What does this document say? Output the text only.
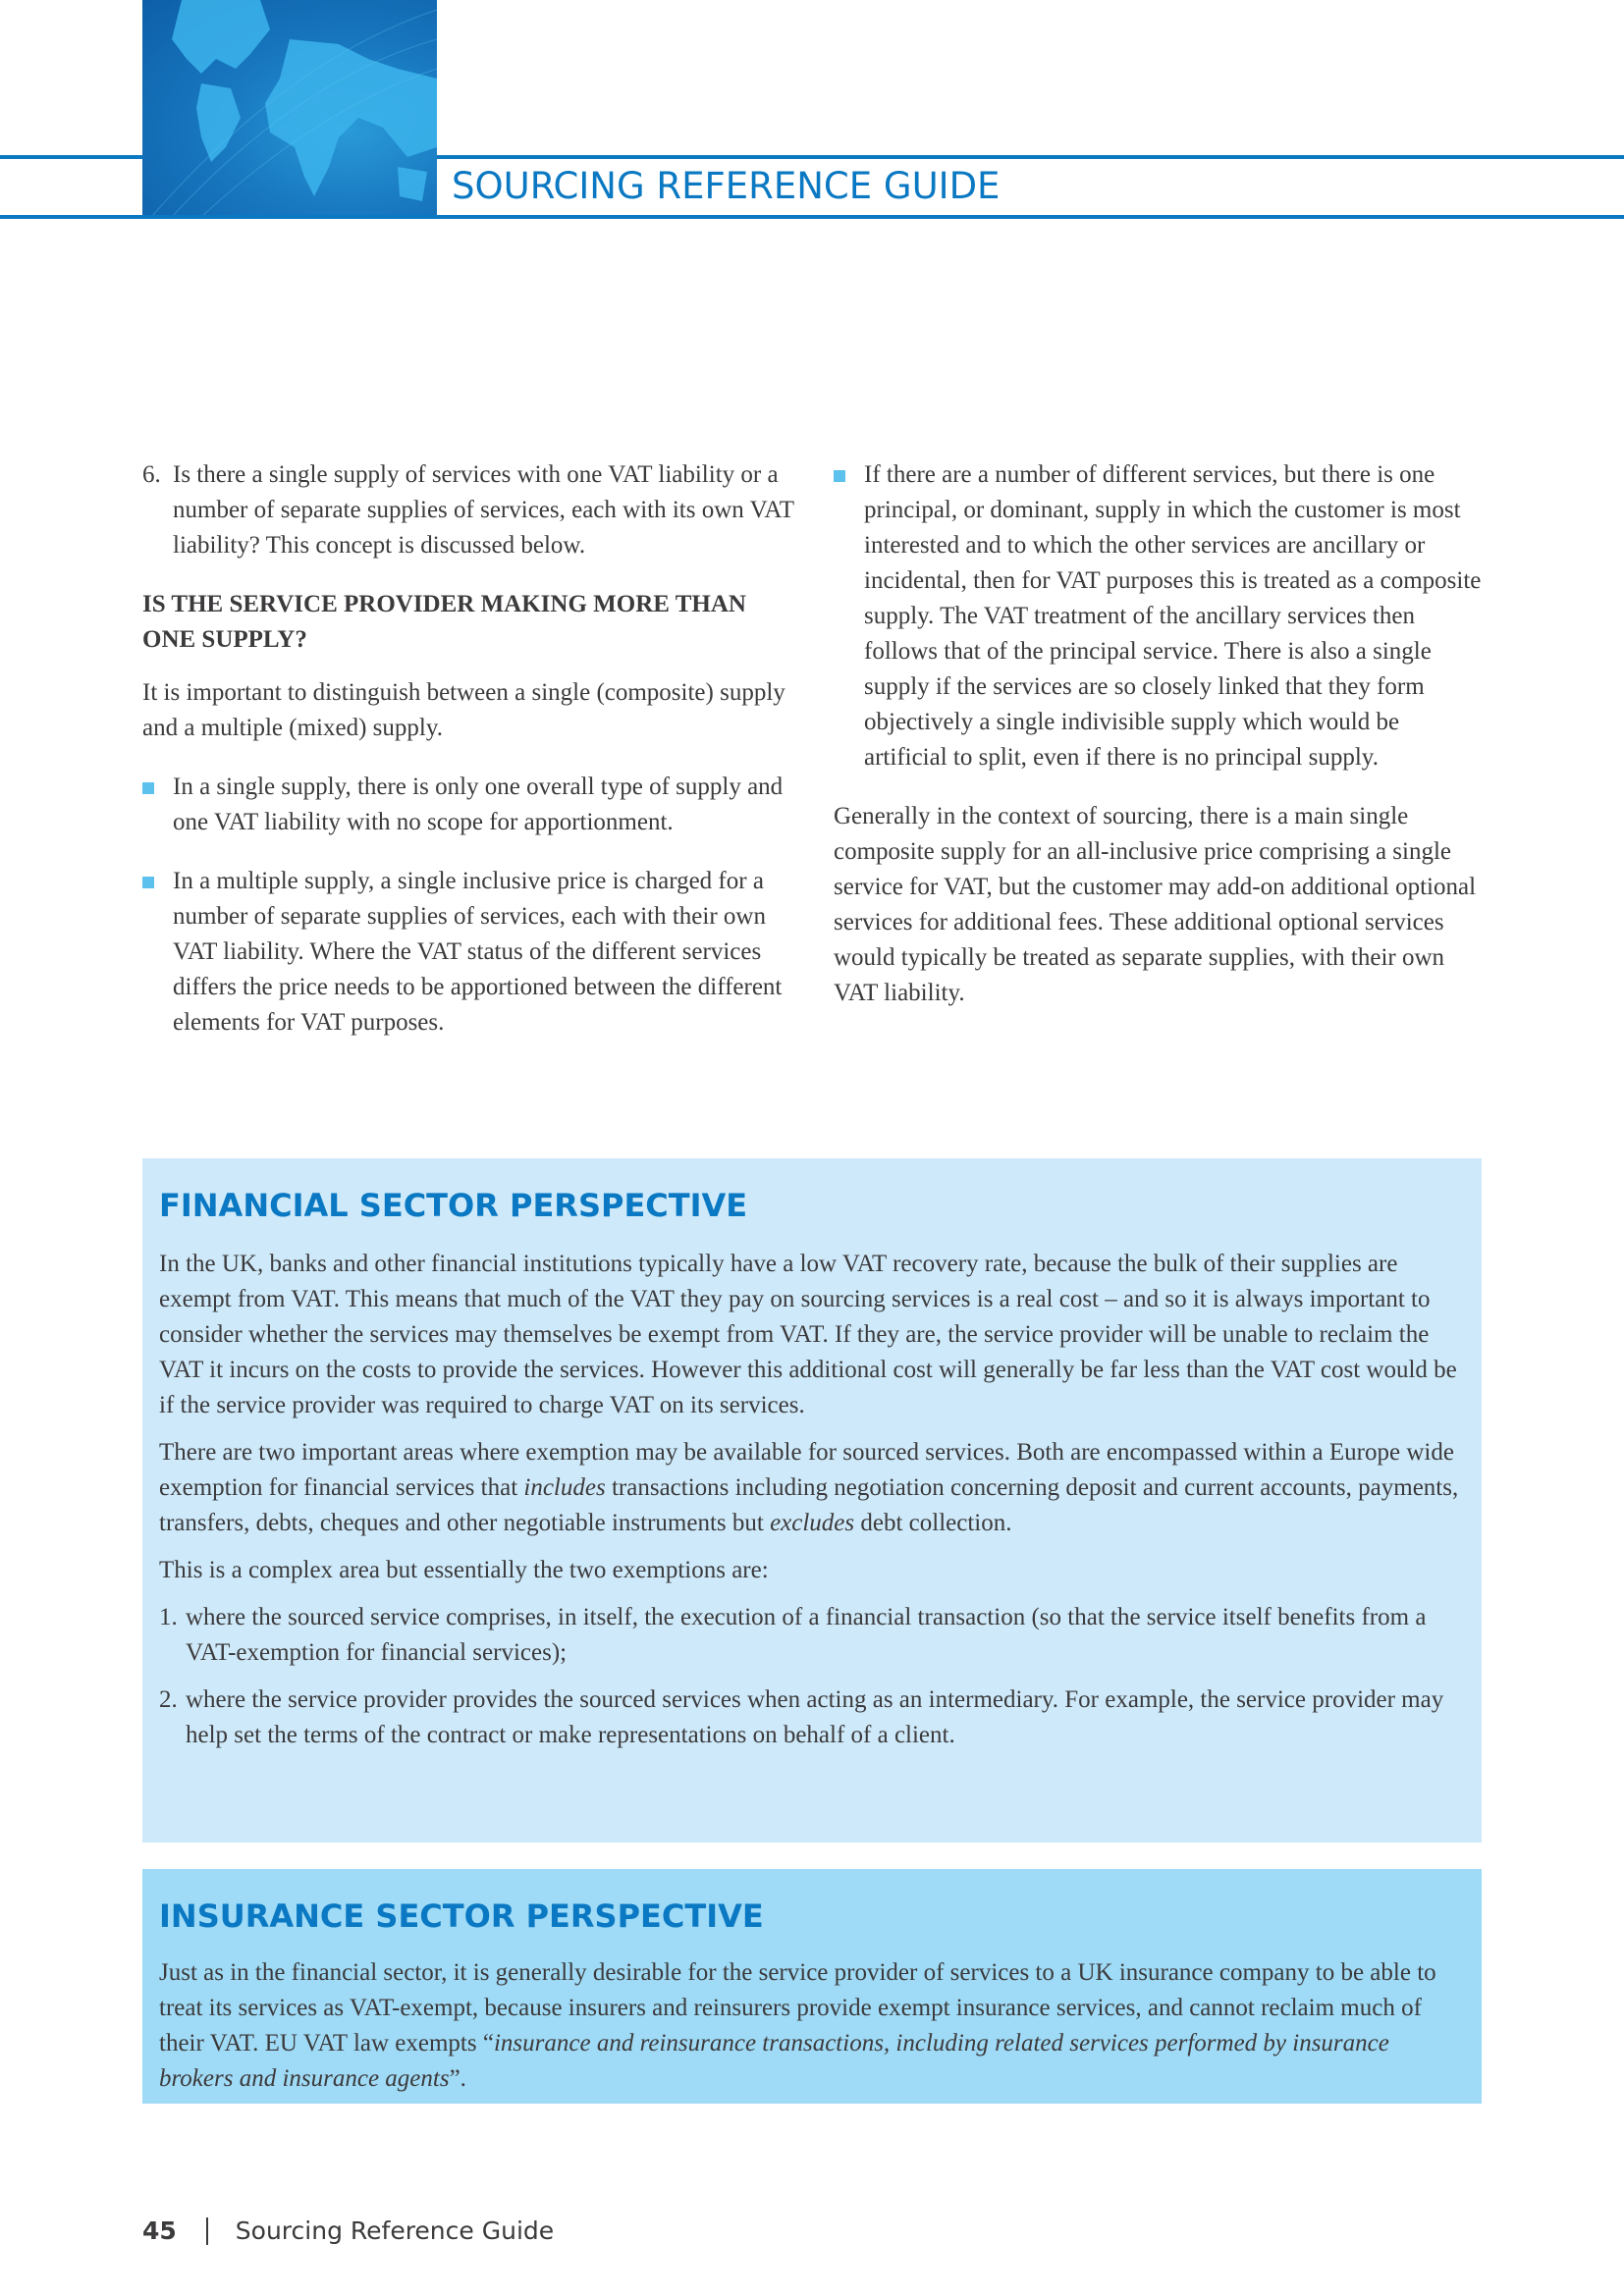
SOURCING REFERENCE GUIDE
6. Is there a single supply of services with one VAT liability or a number of separate supplies of services, each with its own VAT liability? This concept is discussed below.
IS THE SERVICE PROVIDER MAKING MORE THAN ONE SUPPLY?

It is important to distinguish between a single (composite) supply and a multiple (mixed) supply.

In a single supply, there is only one overall type of supply and one VAT liability with no scope for apportionment.
In a multiple supply, a single inclusive price is charged for a number of separate supplies of services, each with their own VAT liability. Where the VAT status of the different services differs the price needs to be apportioned between the different elements for VAT purposes.
If there are a number of different services, but there is one principal, or dominant, supply in which the customer is most interested and to which the other services are ancillary or incidental, then for VAT purposes this is treated as a composite supply. The VAT treatment of the ancillary services then follows that of the principal service. There is also a single supply if the services are so closely linked that they form objectively a single indivisible supply which would be artificial to split, even if there is no principal supply.

Generally in the context of sourcing, there is a main single composite supply for an all-inclusive price comprising a single service for VAT, but the customer may add-on additional optional services for additional fees. These additional optional services would typically be treated as separate supplies, with their own VAT liability.

FINANCIAL SECTOR PERSPECTIVE

In the UK, banks and other financial institutions typically have a low VAT recovery rate, because the bulk of their supplies are exempt from VAT. This means that much of the VAT they pay on sourcing services is a real cost – and so it is always important to consider whether the services may themselves be exempt from VAT. If they are, the service provider will be unable to reclaim the VAT it incurs on the costs to provide the services. However this additional cost will generally be far less than the VAT cost would be if the service provider was required to charge VAT on its services.

There are two important areas where exemption may be available for sourced services. Both are encompassed within a Europe wide exemption for financial services that includes transactions including negotiation concerning deposit and current accounts, payments, transfers, debts, cheques and other negotiable instruments but excludes debt collection.

This is a complex area but essentially the two exemptions are:

1. where the sourced service comprises, in itself, the execution of a financial transaction (so that the service itself benefits from a VAT-exemption for financial services);
2. where the service provider provides the sourced services when acting as an intermediary. For example, the service provider may help set the terms of the contract or make representations on behalf of a client.
INSURANCE SECTOR PERSPECTIVE

Just as in the financial sector, it is generally desirable for the service provider of services to a UK insurance company to be able to treat its services as VAT-exempt, because insurers and reinsurers provide exempt insurance services, and cannot reclaim much of their VAT. EU VAT law exempts “insurance and reinsurance transactions, including related services performed by insurance brokers and insurance agents”.

45 Sourcing Reference Guide
